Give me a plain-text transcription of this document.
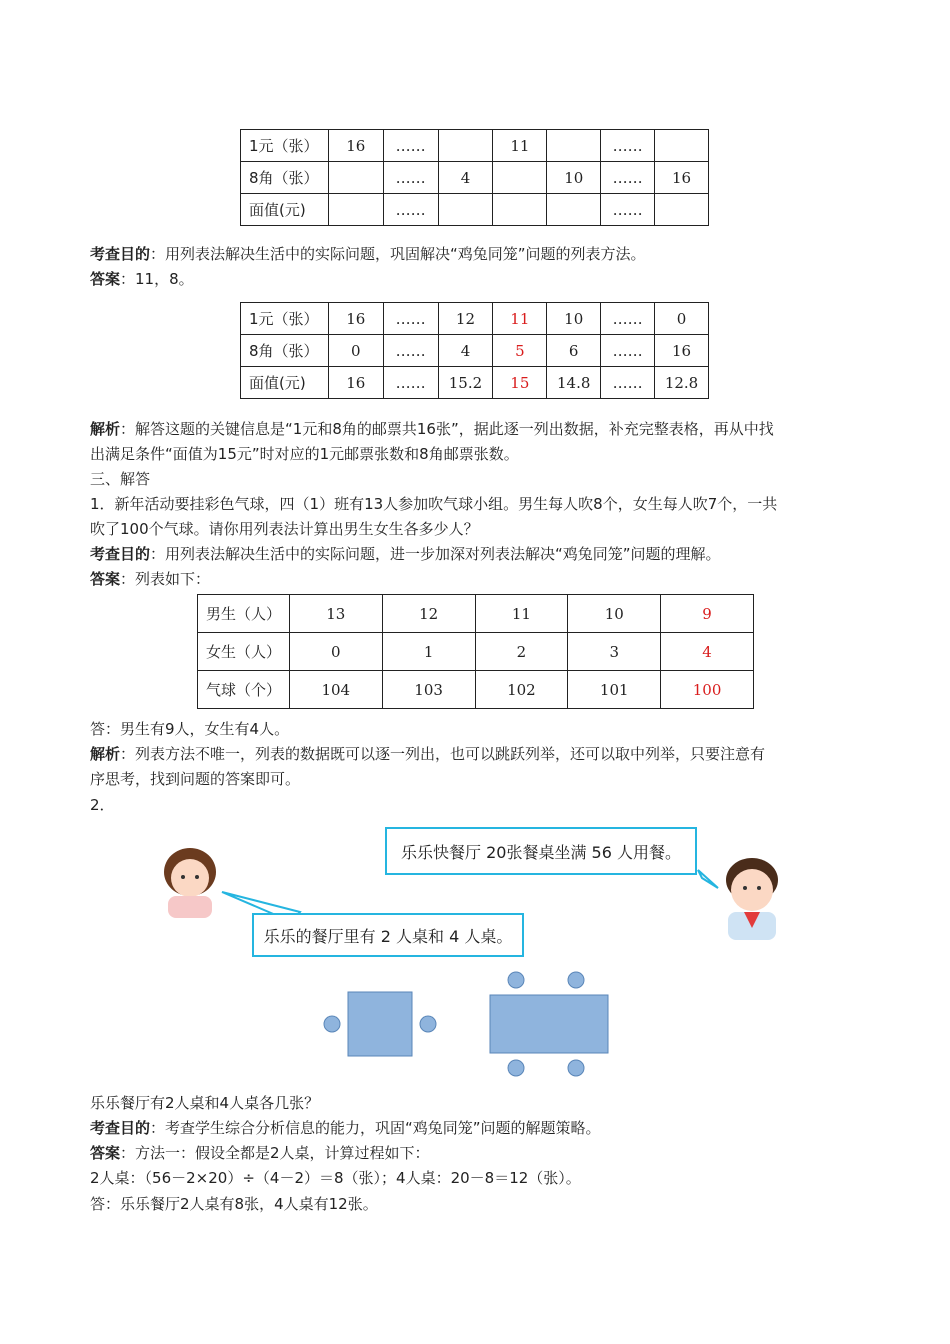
1元（张）	16	……		11		……	
8角（张）		……	4		10	……	16
面值(元)		……				……	
考查目的：用列表法解决生活中的实际问题，巩固解决“鸡兔同笼”问题的列表方法。
答案：11，8。
1元（张）	16	……	12	11	10	……	0
8角（张）	0	……	4	5	6	……	16
面值(元)	16	……	15.2	15	14.8	……	12.8
解析：解答这题的关键信息是“1元和8角的邮票共16张”，据此逐一列出数据，补充完整表格，再从中找
出满足条件“面值为15元”时对应的1元邮票张数和8角邮票张数。
三、解答
1．新年活动要挂彩色气球，四（1）班有13人参加吹气球小组。男生每人吹8个，女生每人吹7个，一共
吹了100个气球。请你用列表法计算出男生女生各多少人？
考查目的：用列表法解决生活中的实际问题，进一步加深对列表法解决“鸡兔同笼”问题的理解。
答案：列表如下：
男生（人）	13	12	11	10	9
女生（人）	0	1	2	3	4
气球（个）	104	103	102	101	100
答：男生有9人，女生有4人。
解析：列表方法不唯一，列表的数据既可以逐一列出，也可以跳跃列举，还可以取中列举，只要注意有
序思考，找到问题的答案即可。
2．
乐乐快餐厅 20张餐桌坐满 56 人用餐。
乐乐的餐厅里有 2 人桌和 4 人桌。
乐乐餐厅有2人桌和4人桌各几张？
考查目的：考查学生综合分析信息的能力，巩固“鸡兔同笼”问题的解题策略。
答案：方法一：假设全都是2人桌，计算过程如下：
2人桌：（56－2×20）÷（4－2）＝8（张）；4人桌：20－8＝12（张）。
答：乐乐餐厅2人桌有8张，4人桌有12张。
